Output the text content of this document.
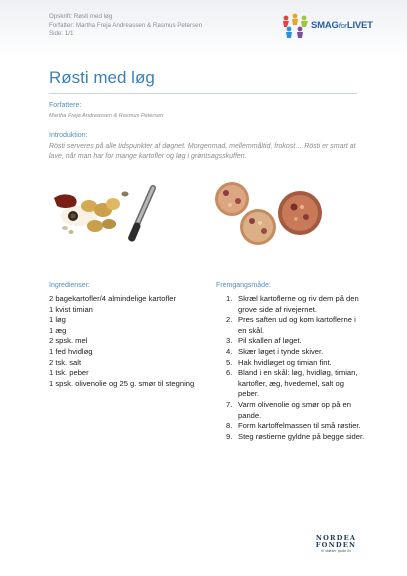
Opskrift: Røsti med løg
Forfatter: Martha Freja Andreassen & Rasmus Petersen
Side: 1/1
SMAGforLIVET
Røsti med løg
Forfattere:
Martha Freja Andreassen & Rasmus Petersen
Introduktion:
Rösti serveres på alle tidspunkter af døgnet. Morgenmad, mellemmåltid, frokost… Rösti er smart at lave, når man har for mange kartofler og løg i grøntsagsskuffen.
Ingredienser:
2 bagekartofler/4 almindelige kartofler
1 kvist timian
1 løg
1 æg
2 spsk. mel
1 fed hvidløg
2 tsk. salt
1 tsk. peber
1 spsk. olivenolie og 25 g. smør til stegning
Fremgangsmåde:
1. Skræl kartoflerne og riv dem på den grove side af rivejernet.
2. Pres saften ud og kom kartoflerne i en skål.
3. Pil skallen af løget.
4. Skær løget i tynde skiver.
5. Hak hvidløget og timian fint.
6. Bland i en skål: løg, hvidløg, timian, kartofler, æg, hvedemel, salt og peber.
7. Varm olivenolie og smør op på en pande.
8. Form kartoffelmassen til små røstier.
9. Steg røstierne gyldne på begge sider.
NORDEA
FONDEN
Vi støtter gode liv
